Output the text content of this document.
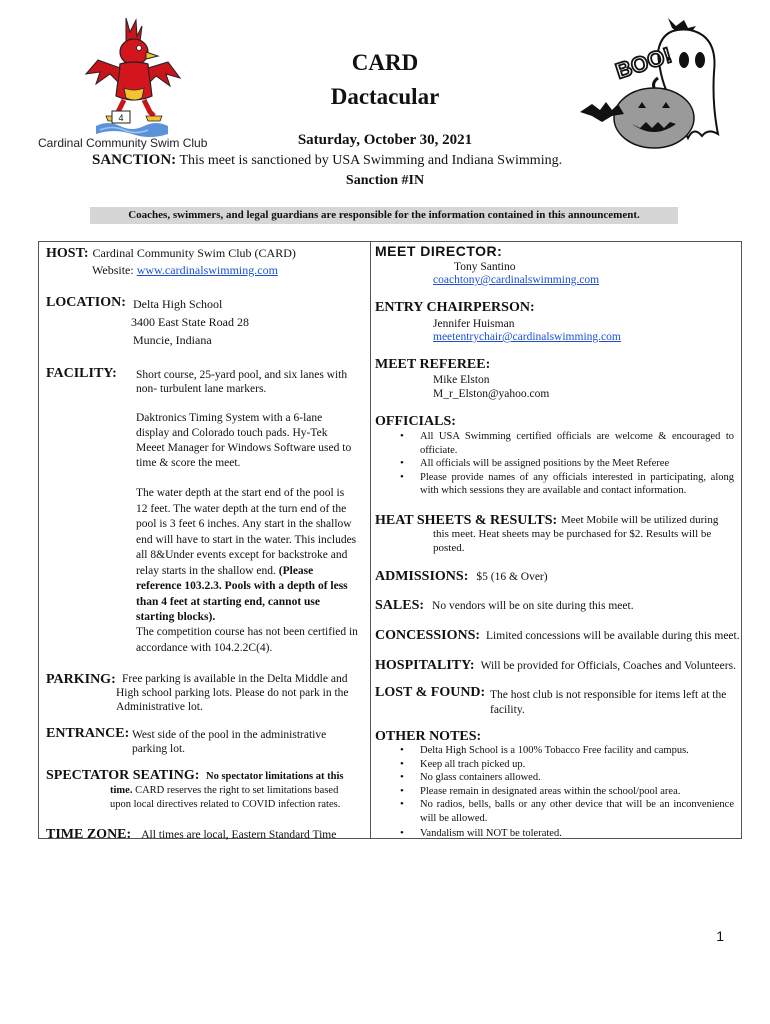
4
Cardinal Community Swim Club
BOO!
CARD
Dactacular
Saturday, October 30, 2021
SANCTION: This meet is sanctioned by USA Swimming and Indiana Swimming.
Sanction #IN
Coaches, swimmers, and legal guardians are responsible for the information contained in this announcement.
HOST: Cardinal Community Swim Club (CARD)
Website: www.cardinalswimming.com
LOCATION: Delta High School
3400 East State Road 28
Muncie, Indiana
FACILITY: Short course, 25-yard pool, and six lanes with non- turbulent lane markers.
Daktronics Timing System with a 6-lane display and Colorado touch pads. Hy-Tek Meeet Manager for Windows Software used to time & score the meet.
The water depth at the start end of the pool is 12 feet. The water depth at the turn end of the pool is 3 feet 6 inches. Any start in the shallow end will have to start in the water. This includes all 8&Under events except for backstroke and relay starts in the shallow end. (Please reference 103.2.3. Pools with a depth of less than 4 feet at starting end, cannot use starting blocks).
The competition course has not been certified in accordance with 104.2.2C(4).
PARKING: Free parking is available in the Delta Middle and High school parking lots. Please do not park in the Administrative lot.
ENTRANCE: West side of the pool in the administrative parking lot.
SPECTATOR SEATING: No spectator limitations at this time. CARD reserves the right to set limitations based upon local directives related to COVID infection rates.
TIME ZONE: All times are local, Eastern Standard Time
MEET DIRECTOR:
Tony Santino
coachtony@cardinalswimming.com
ENTRY CHAIRPERSON:
Jennifer Huisman
meetentrychair@cardinalswimming.com
MEET REFEREE:
Mike Elston
M_r_Elston@yahoo.com
OFFICIALS:
• All USA Swimming certified officials are welcome & encouraged to officiate.
• All officials will be assigned positions by the Meet Referee
• Please provide names of any officials interested in participating, along with which sessions they are available and contact information.
HEAT SHEETS & RESULTS: Meet Mobile will be utilized during this meet. Heat sheets may be purchased for $2. Results will be posted.
ADMISSIONS: $5 (16 & Over)
SALES: No vendors will be on site during this meet.
CONCESSIONS: Limited concessions will be available during this meet.
HOSPITALITY: Will be provided for Officials, Coaches and Volunteers.
LOST & FOUND: The host club is not responsible for items left at the facility.
OTHER NOTES:
• Delta High School is a 100% Tobacco Free facility and campus.
• Keep all trach picked up.
• No glass containers allowed.
• Please remain in designated areas within the school/pool area.
• No radios, bells, balls or any other device that will be an inconvenience will be allowed.
• Vandalism will NOT be tolerated.
1
